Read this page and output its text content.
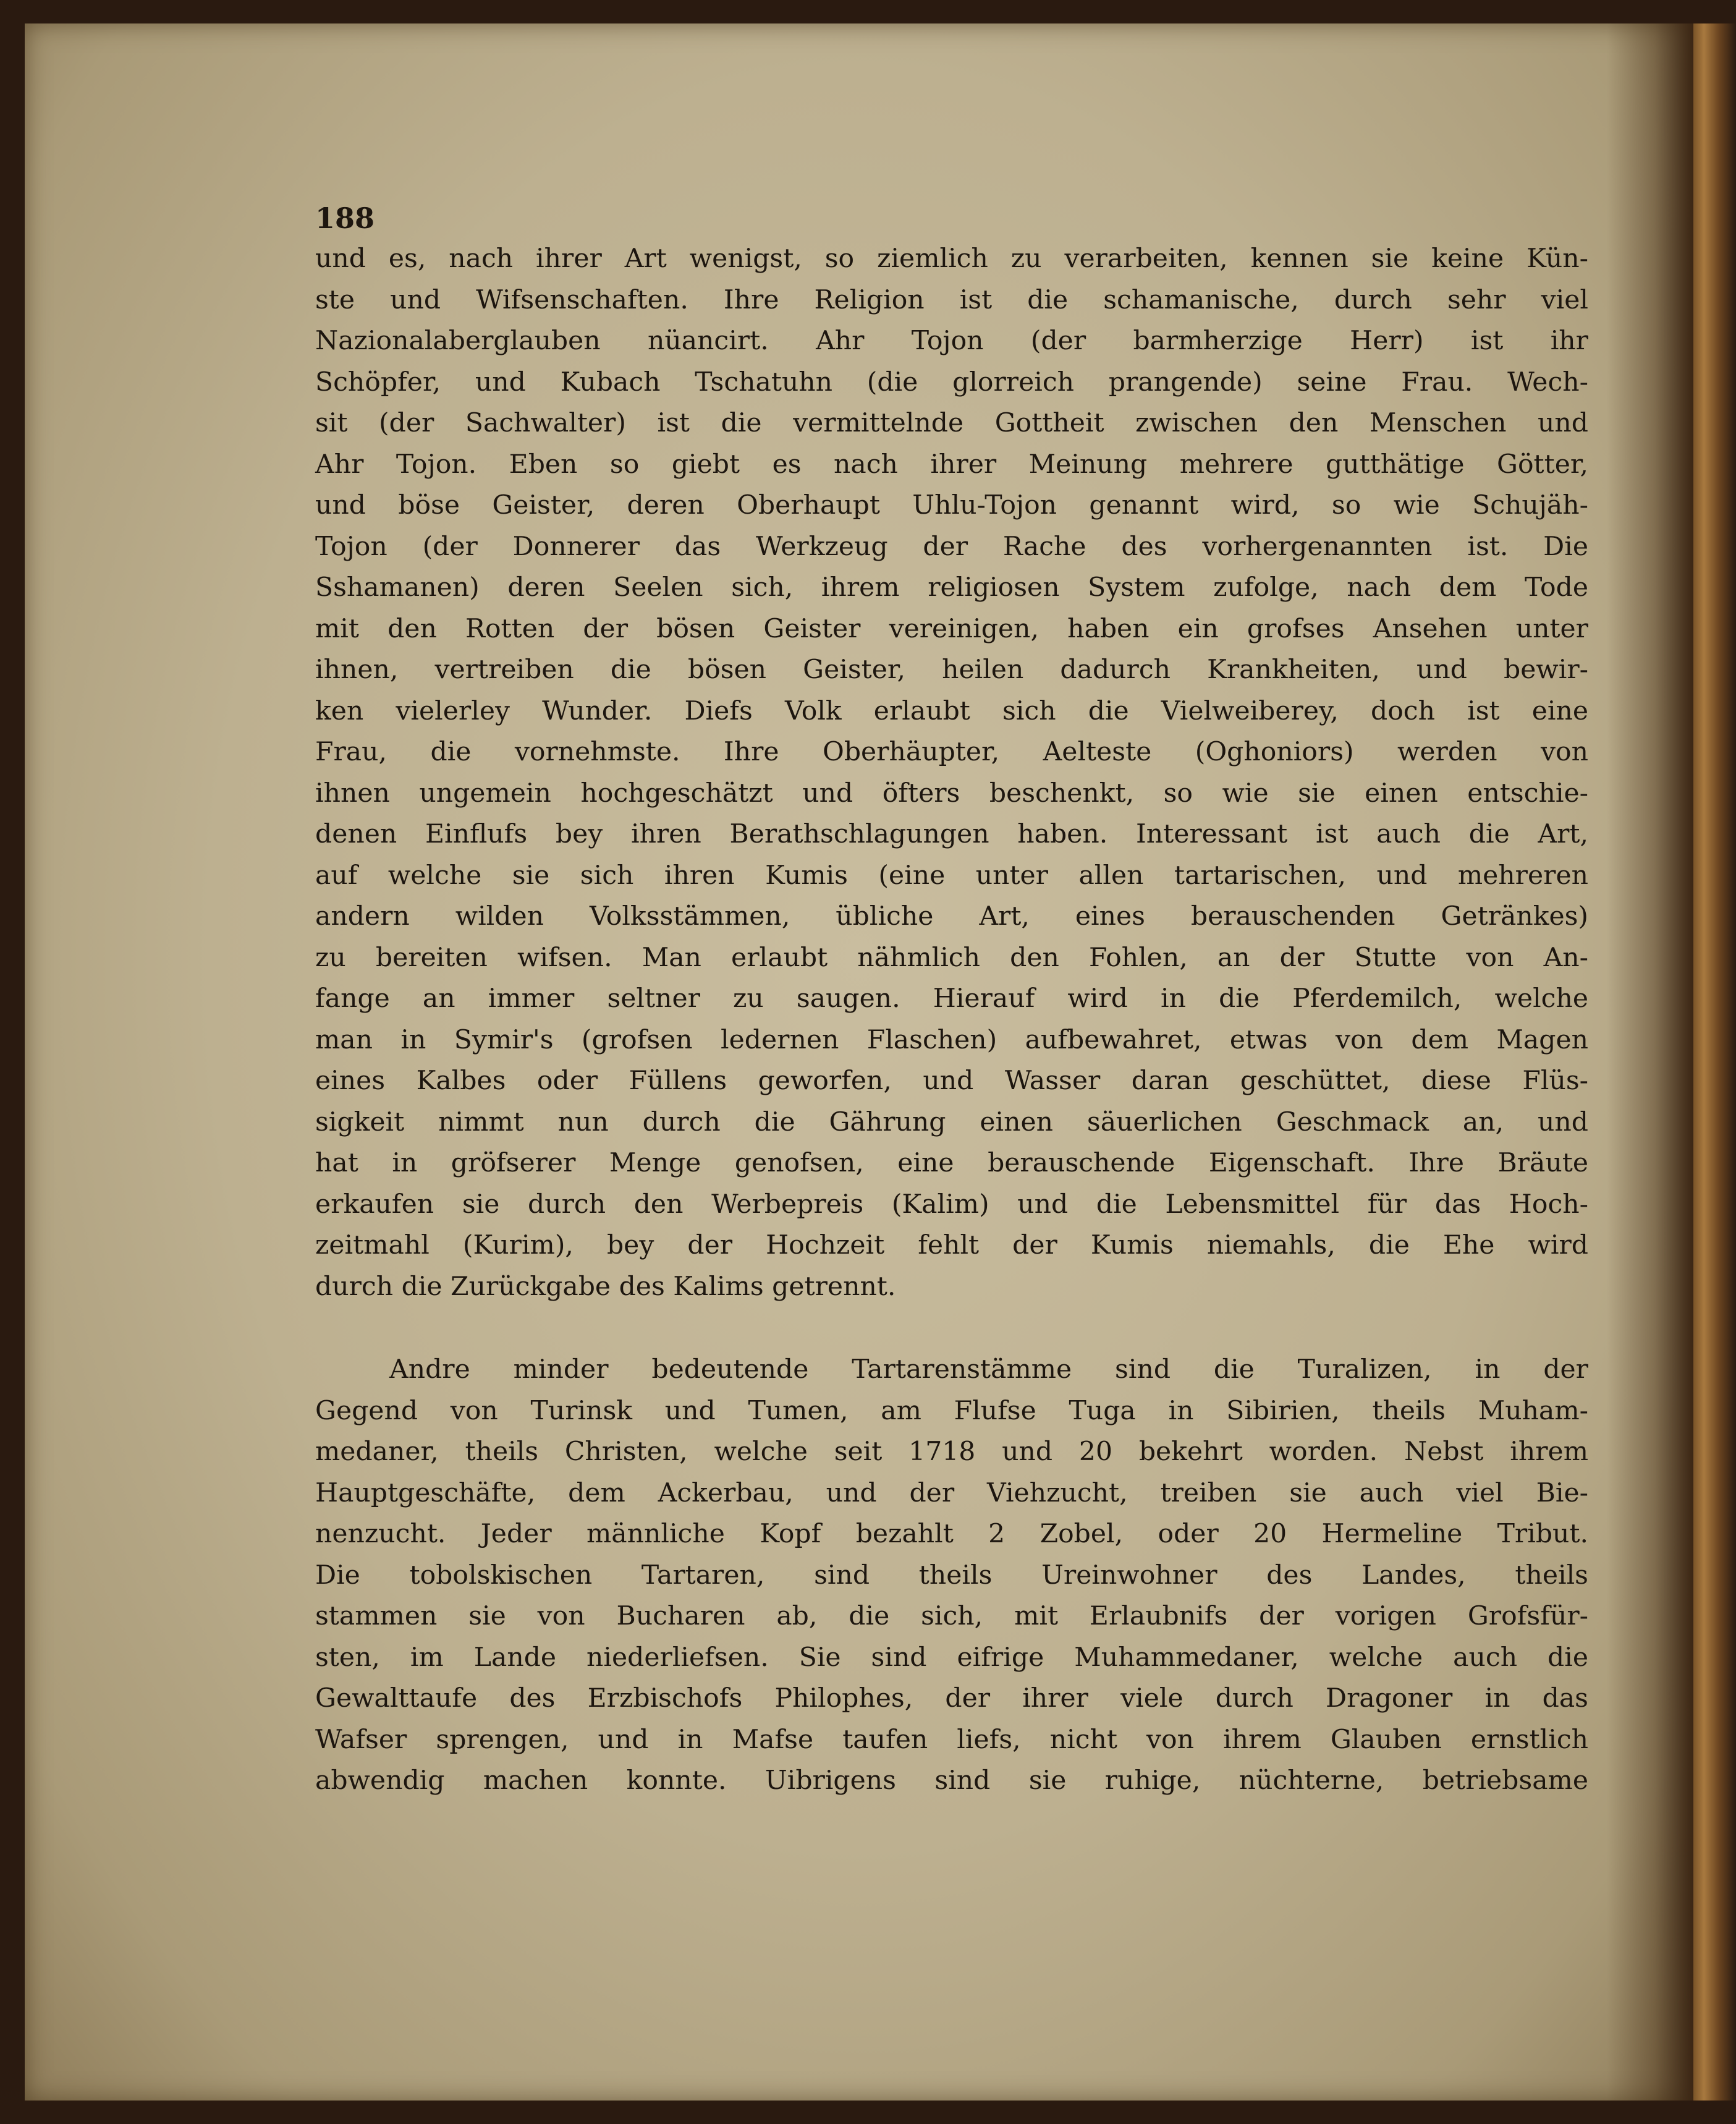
188
und es, nach ihrer Art wenigst, so ziemlich zu verarbeiten, kennen sie keine Kün-
ste und Wifsenschaften. Ihre Religion ist die schamanische, durch sehr viel
Nazionalaberglauben nüancirt. Ahr Tojon (der barmherzige Herr) ist ihr
Schöpfer, und Kubach Tschatuhn (die glorreich prangende) seine Frau. Wech-
sit (der Sachwalter) ist die vermittelnde Gottheit zwischen den Menschen und
Ahr Tojon. Eben so giebt es nach ihrer Meinung mehrere gutthätige Götter,
und böse Geister, deren Oberhaupt Uhlu-Tojon genannt wird, so wie Schujäh-
Tojon (der Donnerer das Werkzeug der Rache des vorhergenannten ist. Die
Sshamanen) deren Seelen sich, ihrem religiosen System zufolge, nach dem Tode
mit den Rotten der bösen Geister vereinigen, haben ein grofses Ansehen unter
ihnen, vertreiben die bösen Geister, heilen dadurch Krankheiten, und bewir-
ken vielerley Wunder. Diefs Volk erlaubt sich die Vielweiberey, doch ist eine
Frau, die vornehmste. Ihre Oberhäupter, Aelteste (Oghoniors) werden von
ihnen ungemein hochgeschätzt und öfters beschenkt, so wie sie einen entschie-
denen Einflufs bey ihren Berathschlagungen haben. Interessant ist auch die Art,
auf welche sie sich ihren Kumis (eine unter allen tartarischen, und mehreren
andern wilden Volksstämmen, übliche Art, eines berauschenden Getränkes)
zu bereiten wifsen. Man erlaubt nähmlich den Fohlen, an der Stutte von An-
fange an immer seltner zu saugen. Hierauf wird in die Pferdemilch, welche
man in Symir's (grofsen ledernen Flaschen) aufbewahret, etwas von dem Magen
eines Kalbes oder Füllens geworfen, und Wasser daran geschüttet, diese Flüs-
sigkeit nimmt nun durch die Gährung einen säuerlichen Geschmack an, und
hat in gröfserer Menge genofsen, eine berauschende Eigenschaft. Ihre Bräute
erkaufen sie durch den Werbepreis (Kalim) und die Lebensmittel für das Hoch-
zeitmahl (Kurim), bey der Hochzeit fehlt der Kumis niemahls, die Ehe wird
durch die Zurückgabe des Kalims getrennt.
Andre minder bedeutende Tartarenstämme sind die Turalizen, in der
Gegend von Turinsk und Tumen, am Flufse Tuga in Sibirien, theils Muham-
medaner, theils Christen, welche seit 1718 und 20 bekehrt worden. Nebst ihrem
Hauptgeschäfte, dem Ackerbau, und der Viehzucht, treiben sie auch viel Bie-
nenzucht. Jeder männliche Kopf bezahlt 2 Zobel, oder 20 Hermeline Tribut.
Die tobolskischen Tartaren, sind theils Ureinwohner des Landes, theils
stammen sie von Bucharen ab, die sich, mit Erlaubnifs der vorigen Grofsfür-
sten, im Lande niederliefsen. Sie sind eifrige Muhammedaner, welche auch die
Gewalttaufe des Erzbischofs Philophes, der ihrer viele durch Dragoner in das
Wafser sprengen, und in Mafse taufen liefs, nicht von ihrem Glauben ernstlich
abwendig machen konnte. Uibrigens sind sie ruhige, nüchterne, betriebsame
